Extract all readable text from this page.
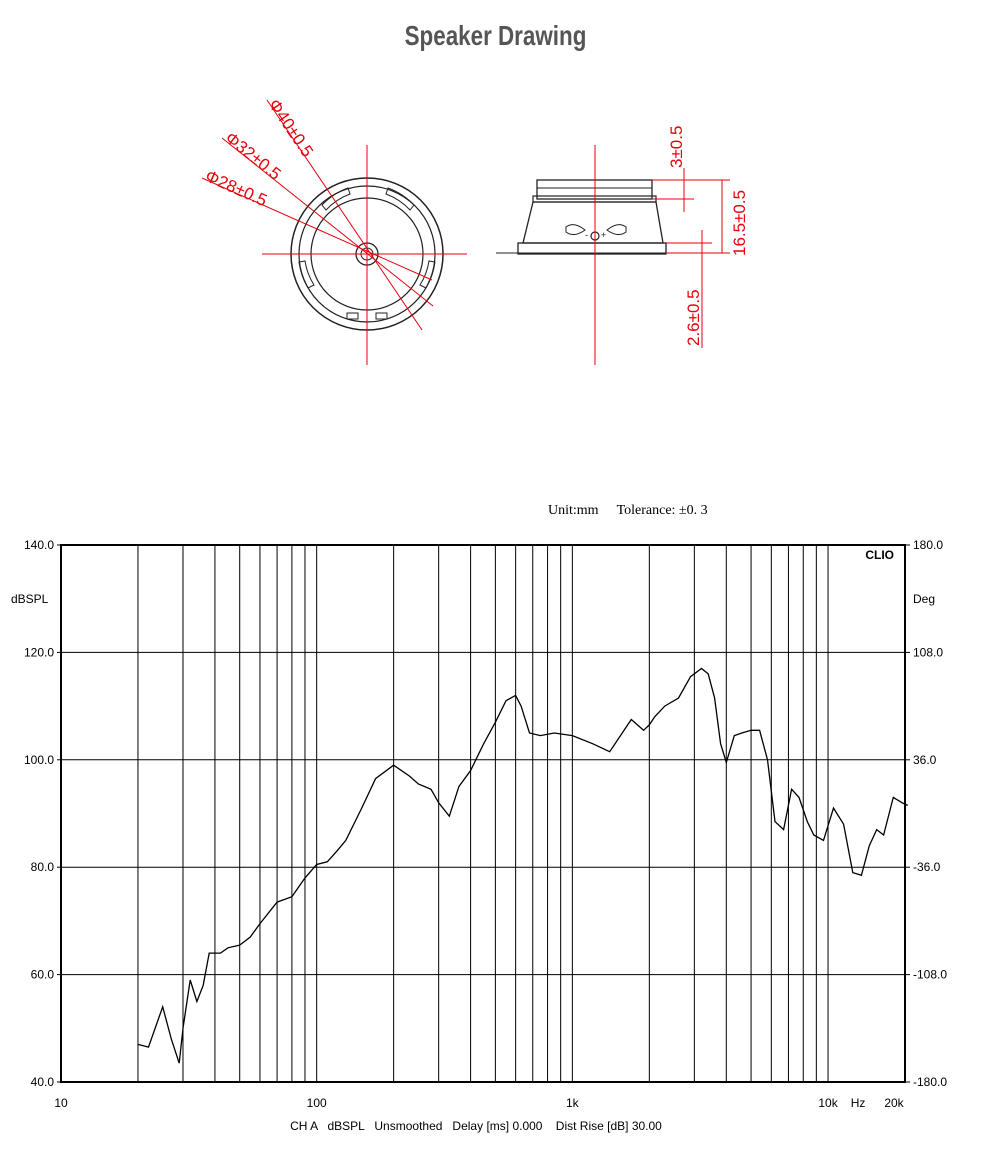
Speaker Drawing
Φ40±0.5
Φ32±0.5
Φ28±0.5
- +
3±0.5
16.5±0.5
2.6±0.5
Unit:mm Tolerance: ±0. 3
CLIO
140.0
120.0
100.0
80.0
60.0
40.0
180.0
108.0
36.0
-36.0
-108.0
-180.0
dBSPL	Deg
10	100	1k	10k Hz 20k
CH A   dBSPL   Unsmoothed   Delay [ms] 0.000    Dist Rise [dB] 30.00
